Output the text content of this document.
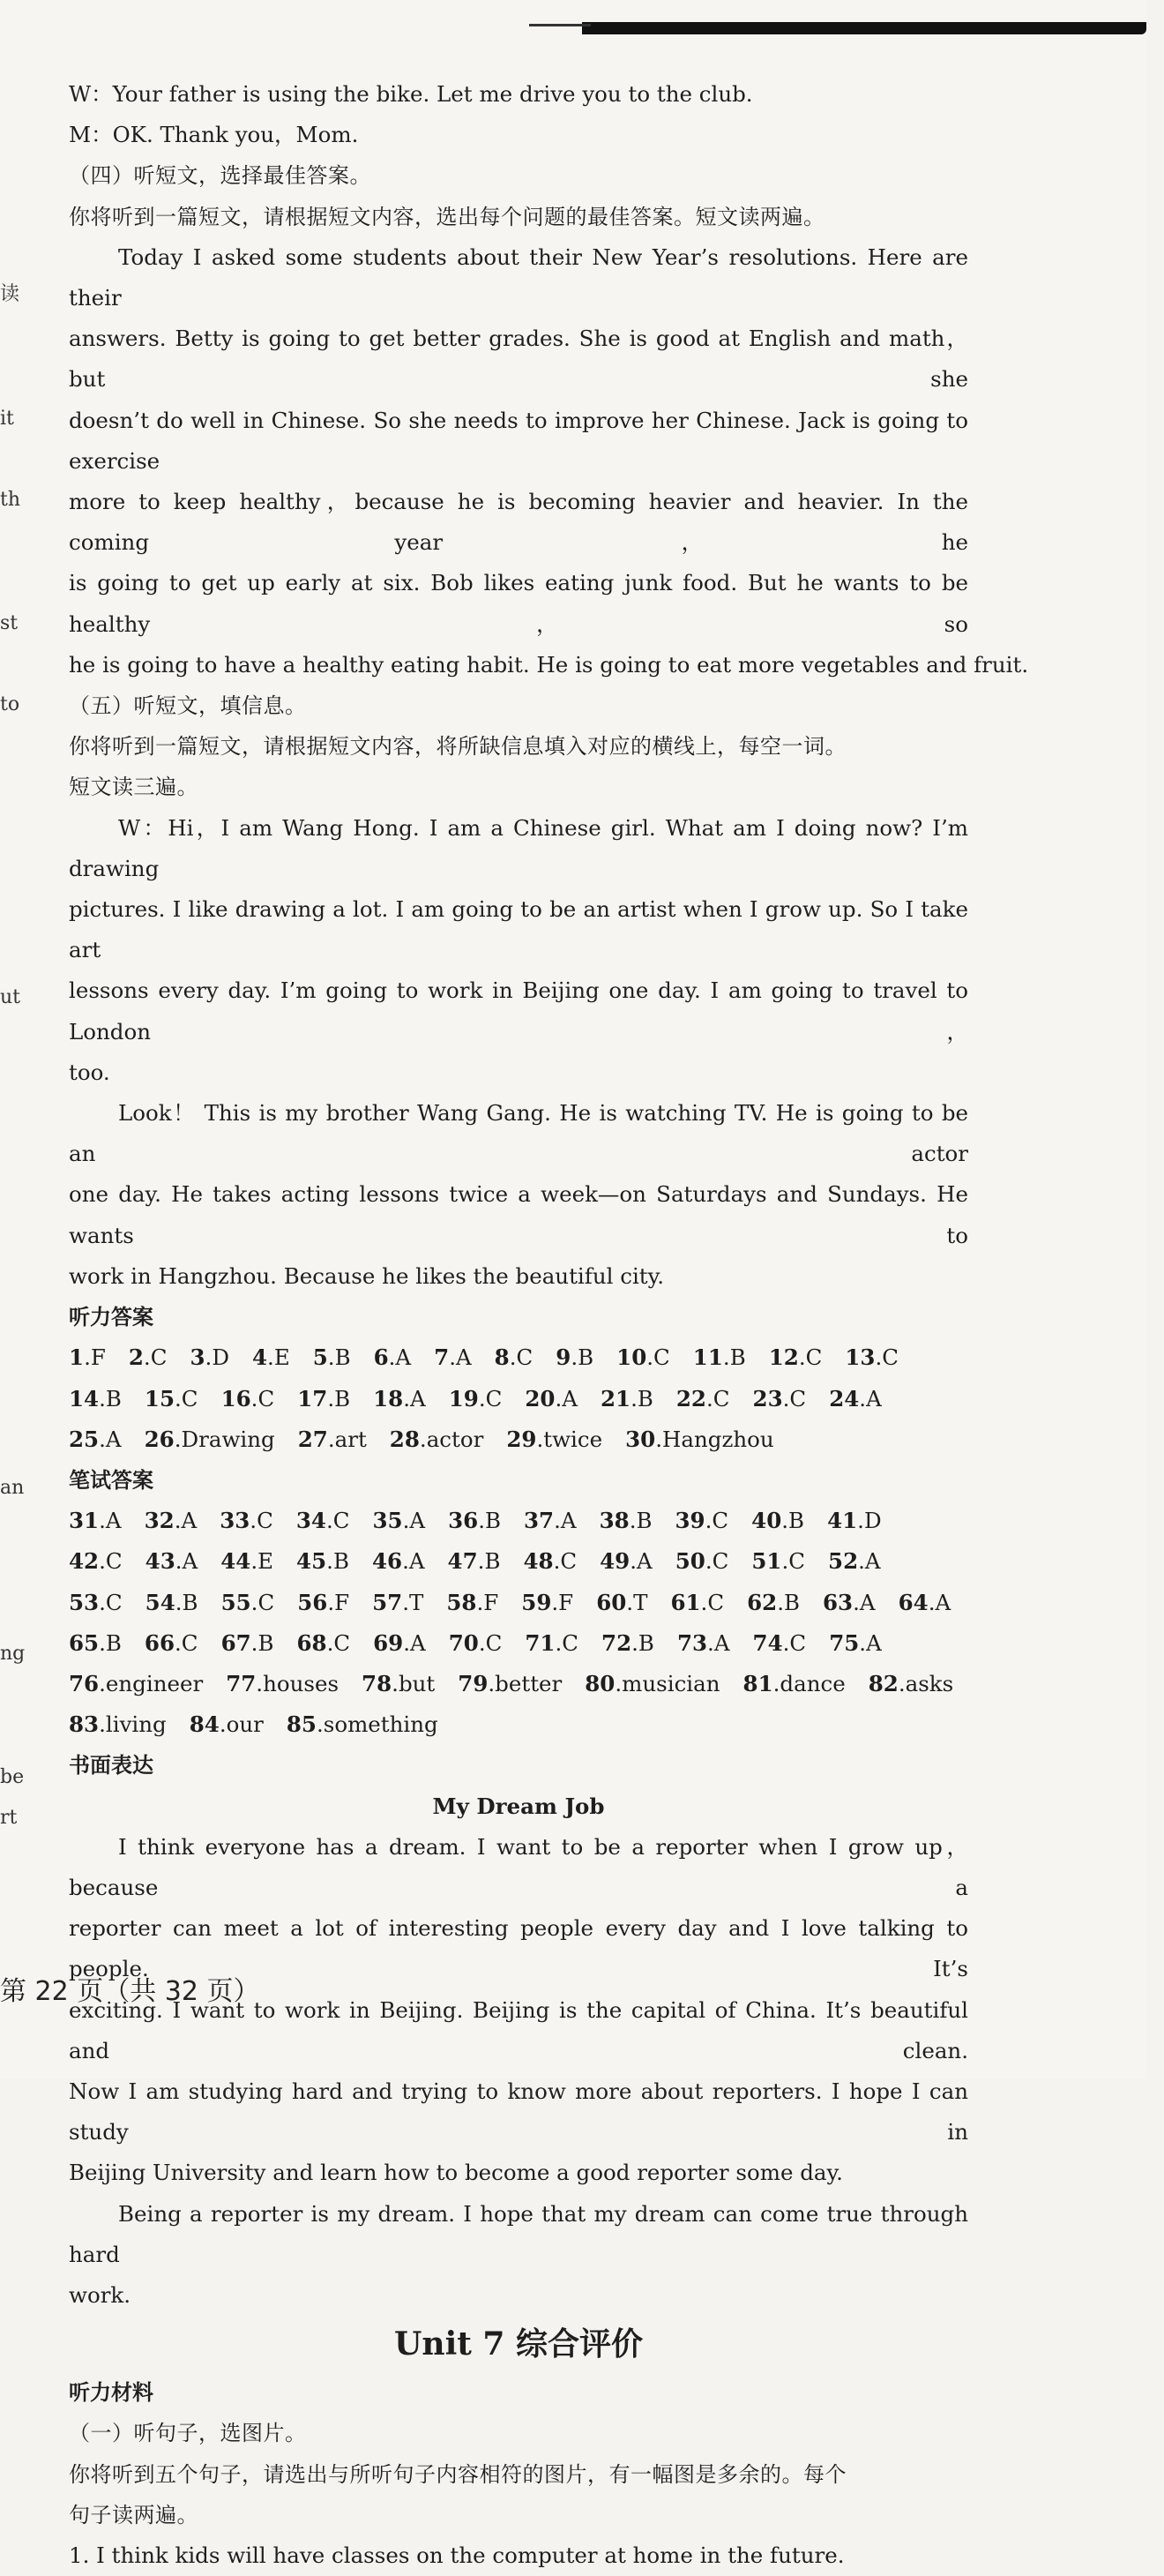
读
it
th
st
to
ut
an
ng
be
rt
W：Your father is using the bike. Let me drive you to the club.
M：OK. Thank you，Mom.
（四）听短文，选择最佳答案。
你将听到一篇短文，请根据短文内容，选出每个问题的最佳答案。短文读两遍。
Today I asked some students about their New Year’s resolutions. Here are their
answers. Betty is going to get better grades. She is good at English and math，but she
doesn’t do well in Chinese. So she needs to improve her Chinese. Jack is going to exercise
more to keep healthy，because he is becoming heavier and heavier. In the coming year，he
is going to get up early at six. Bob likes eating junk food. But he wants to be healthy，so
he is going to have a healthy eating habit. He is going to eat more vegetables and fruit.
（五）听短文，填信息。
你将听到一篇短文，请根据短文内容，将所缺信息填入对应的横线上，每空一词。
短文读三遍。
W：Hi，I am Wang Hong. I am a Chinese girl. What am I doing now? I’m drawing
pictures. I like drawing a lot. I am going to be an artist when I grow up. So I take art
lessons every day. I’m going to work in Beijing one day. I am going to travel to London，
too.
Look！ This is my brother Wang Gang. He is watching TV. He is going to be an actor
one day. He takes acting lessons twice a week—on Saturdays and Sundays. He wants to
work in Hangzhou. Because he likes the beautiful city.
听力答案
1.F 2.C 3.D 4.E 5.B 6.A 7.A 8.C 9.B 10.C 11.B 12.C 13.C
14.B 15.C 16.C 17.B 18.A 19.C 20.A 21.B 22.C 23.C 24.A
25.A 26.Drawing 27.art 28.actor 29.twice 30.Hangzhou
笔试答案
31.A 32.A 33.C 34.C 35.A 36.B 37.A 38.B 39.C 40.B 41.D
42.C 43.A 44.E 45.B 46.A 47.B 48.C 49.A 50.C 51.C 52.A
53.C 54.B 55.C 56.F 57.T 58.F 59.F 60.T 61.C 62.B 63.A 64.A
65.B 66.C 67.B 68.C 69.A 70.C 71.C 72.B 73.A 74.C 75.A
76.engineer 77.houses 78.but 79.better 80.musician 81.dance 82.asks
83.living 84.our 85.something
书面表达
My Dream Job
I think everyone has a dream. I want to be a reporter when I grow up，because a
reporter can meet a lot of interesting people every day and I love talking to people. It’s
exciting. I want to work in Beijing. Beijing is the capital of China. It’s beautiful and clean.
Now I am studying hard and trying to know more about reporters. I hope I can study in
Beijing University and learn how to become a good reporter some day.
Being a reporter is my dream. I hope that my dream can come true through hard
work.
Unit 7 综合评价
听力材料
（一）听句子，选图片。
你将听到五个句子，请选出与所听句子内容相符的图片，有一幅图是多余的。每个
句子读两遍。
1. I think kids will have classes on the computer at home in the future.
第 22 页（共 32 页）
